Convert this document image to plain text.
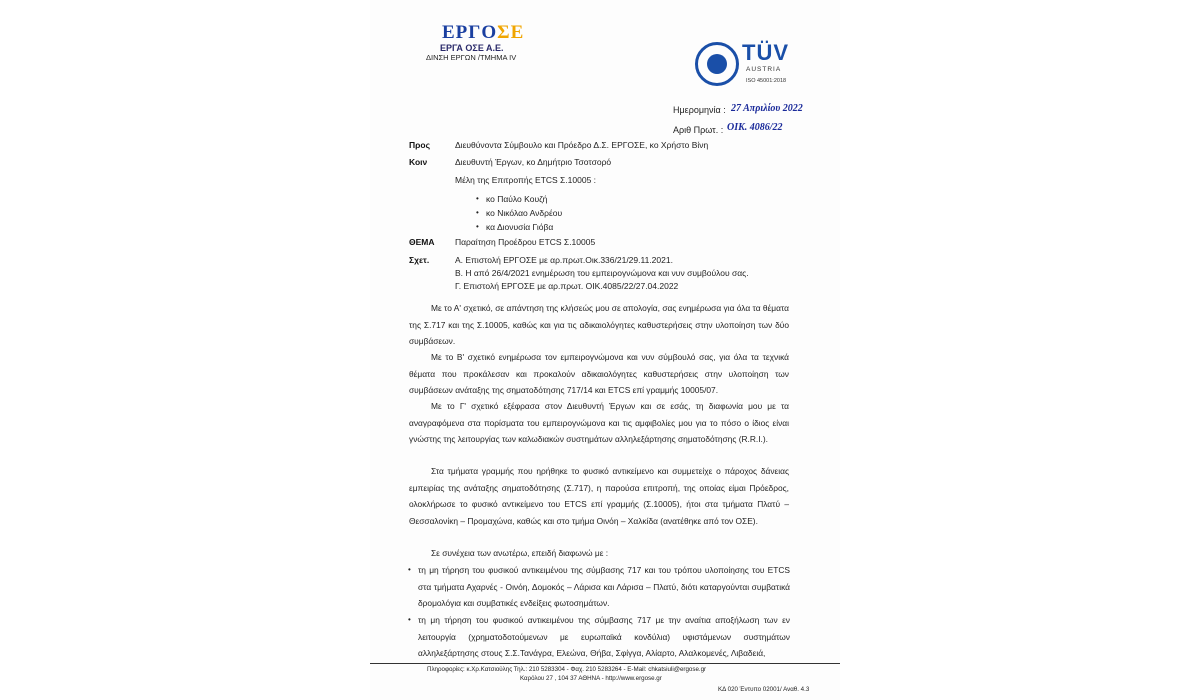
ΕΡΓΟΣΕ
ΕΡΓΑ ΟΣΕ Α.Ε.
ΔΙΝΣΗ ΕΡΓΩΝ /ΤΜΗΜΑ IV	TÜV
AUSTRIA
ISO 45001:2018
Ημερομηνία : 27 Απριλίου 2022
Αριθ Πρωτ. : ΟΙΚ. 4086/22
Προς	Διευθύνοντα Σύμβουλο και Πρόεδρο Δ.Σ. ΕΡΓΟΣΕ, κο Χρήστο Βίνη
Κοιν	Διευθυντή Έργων, κο Δημήτριο Τσοτσορό
Μέλη της Επιτροπής ETCS Σ.10005 :
• κο Παύλο Κουζή
• κο Νικόλαο Ανδρέου
• κα Διονυσία Γιόβα
ΘΕΜΑ Παραίτηση Προέδρου ETCS Σ.10005
Σχετ.	Α. Επιστολή ΕΡΓΟΣΕ με αρ.πρωτ.Οικ.336/21/29.11.2021.
Β. Η από 26/4/2021 ενημέρωση του εμπειρογνώμονα και νυν συμβούλου σας.
Γ. Επιστολή ΕΡΓΟΣΕ με αρ.πρωτ. ΟΙΚ.4085/22/27.04.2022
Με το Α' σχετικό, σε απάντηση της κλήσεώς μου σε απολογία, σας ενημέρωσα για όλα τα θέματα της Σ.717 και της Σ.10005, καθώς και για τις αδικαιολόγητες καθυστερήσεις στην υλοποίηση των δύο συμβάσεων.
Με το Β' σχετικό ενημέρωσα τον εμπειρογνώμονα και νυν σύμβουλό σας, για όλα τα τεχνικά θέματα που προκάλεσαν και προκαλούν αδικαιολόγητες καθυστερήσεις στην υλοποίηση των συμβάσεων ανάταξης της σηματοδότησης 717/14 και ETCS επί γραμμής 10005/07.
Με το Γ' σχετικό εξέφρασα στον Διευθυντή Έργων και σε εσάς, τη διαφωνία μου με τα αναγραφόμενα στα πορίσματα του εμπειρογνώμονα και τις αμφιβολίες μου για το πόσο ο ίδιος είναι γνώστης της λειτουργίας των καλωδιακών συστημάτων αλληλεξάρτησης σηματοδότησης (R.R.I.).
Στα τμήματα γραμμής που ηρήθηκε το φυσικό αντικείμενο και συμμετείχε ο πάροχος δάνειας εμπειρίας της ανάταξης σηματοδότησης (Σ.717), η παρούσα επιτροπή, της οποίας είμαι Πρόεδρος, ολοκλήρωσε το φυσικό αντικείμενο του ETCS επί γραμμής (Σ.10005), ήτοι στα τμήματα Πλατύ – Θεσσαλονίκη – Προμαχώνα, καθώς και στο τμήμα Οινόη – Χαλκίδα (ανατέθηκε από τον ΟΣΕ).
Σε συνέχεια των ανωτέρω, επειδή διαφωνώ με :
• τη μη τήρηση του φυσικού αντικειμένου της σύμβασης 717 και του τρόπου υλοποίησης του ETCS στα τμήματα Αχαρνές - Οινόη, Δομοκός – Λάρισα και Λάρισα – Πλατύ, διότι καταργούνται συμβατικά δρομολόγια και συμβατικές ενδείξεις φωτοσημάτων.
• τη μη τήρηση του φυσικού αντικειμένου της σύμβασης 717 με την αναίτια αποξήλωση των εν λειτουργία (χρηματοδοτούμενων με ευρωπαϊκά κονδύλια) υφιστάμενων συστημάτων αλληλεξάρτησης στους Σ.Σ.Τανάγρα, Ελεώνα, Θήβα, Σφίγγα, Αλίαρτο, Αλαλκομενές, Λιβαδειά,
Πληροφορίες: κ.Χρ.Κατσιούλης Τηλ.: 210 5283304 - Φαχ. 210 5283264 - E-Mail: chkatsiuli@ergose.gr
Καρόλου 27 , 104 37 ΑΘΗΝΑ - http://www.ergose.gr
ΚΔ 020 Έντυπο 02001/ Αναθ. 4.3
